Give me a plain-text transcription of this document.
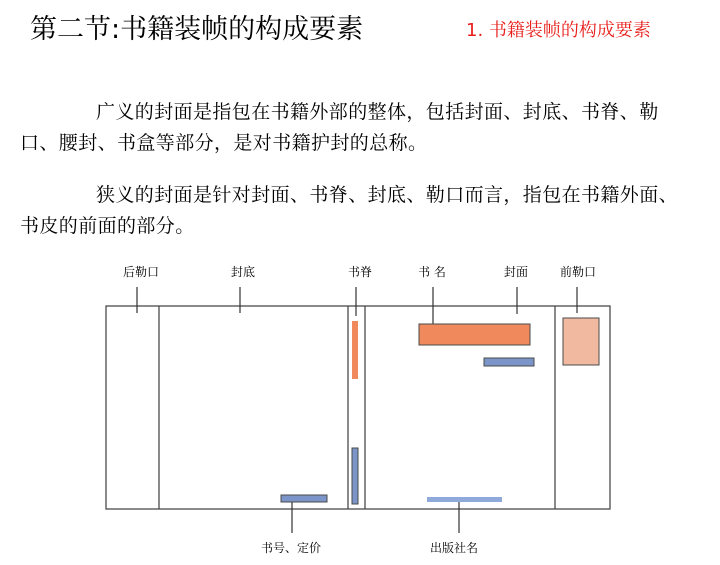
第二节:书籍装帧的构成要素	1. 书籍装帧的构成要素
广义的封面是指包在书籍外部的整体，包括封面、封底、书脊、勒口、腰封、书盒等部分，是对书籍护封的总称。
狭义的封面是针对封面、书脊、封底、勒口而言，指包在书籍外面、书皮的前面的部分。
后勒口	封底	书脊	书 名	封面	前勒口
书号、定价	出版社名
